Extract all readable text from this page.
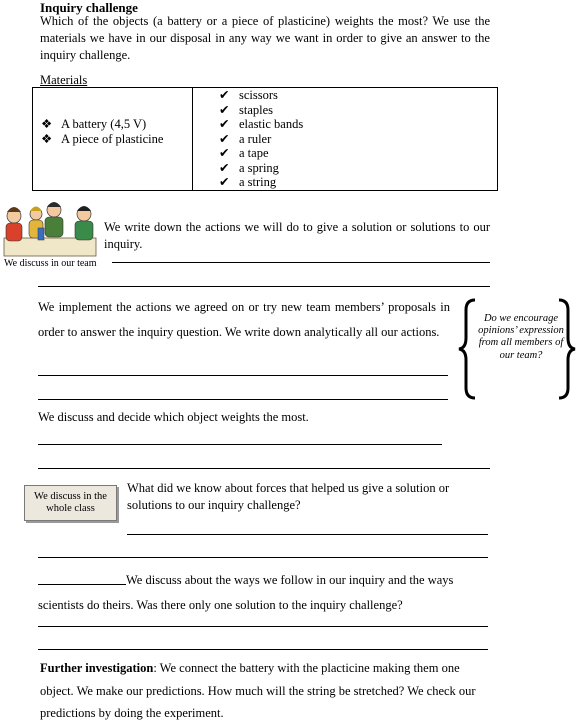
Inquiry challenge
Which of the objects (a battery or a piece of plasticine) weights the most? We use the materials we have in our disposal in any way we want in order to give an answer to the inquiry challenge.
Materials
❖ A battery (4,5 V)
❖ A piece of plasticine

✔ scissors
✔ staples
✔ elastic bands
✔ a ruler
✔ a tape
✔ a spring
✔ a string
We discuss in our team
We write down the actions we will do to give a solution or solutions to our inquiry.
We implement the actions we agreed on or try new team members’ proposals in order to answer the inquiry question. We write down analytically all our actions.
Do we encourage opinions’ expression from all members of our team?
We discuss and decide which object weights the most.
We discuss in the whole class
What did we know about forces that helped us give a solution or solutions to our inquiry challenge?
We discuss about the ways we follow in our inquiry and the ways scientists do theirs. Was there only one solution to the inquiry challenge?
Further investigation: We connect the battery with the placticine making them one object. We make our predictions. How much will the string be stretched? We check our predictions by doing the experiment.
